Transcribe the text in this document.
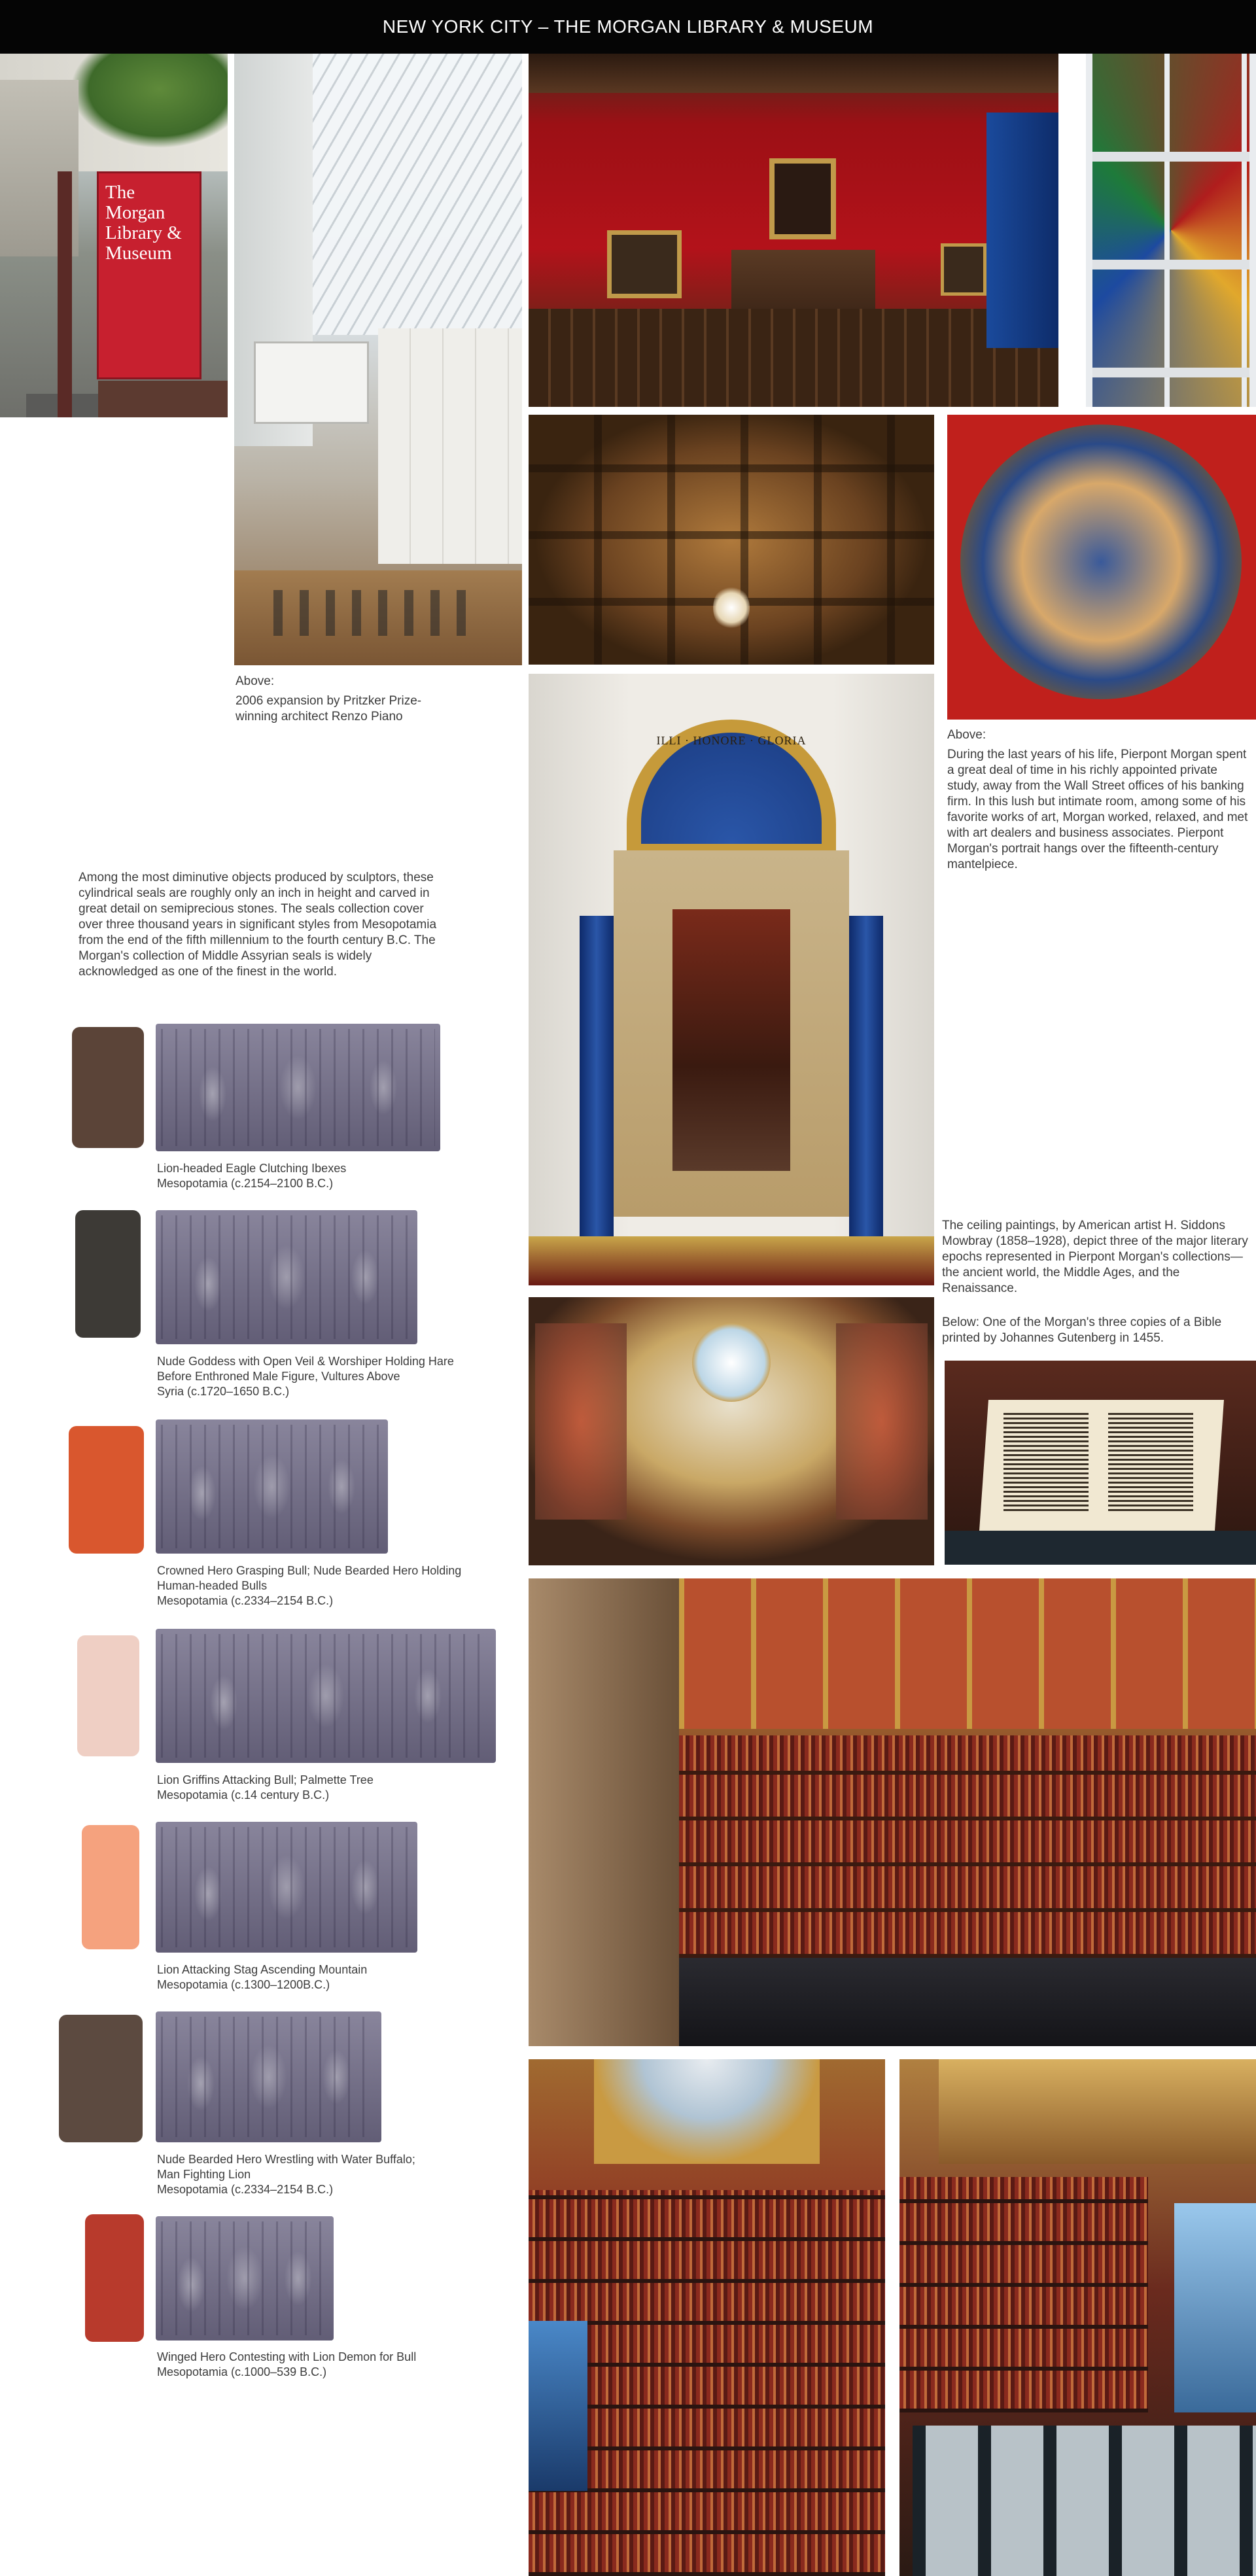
NEW YORK CITY – THE MORGAN LIBRARY & MUSEUM
The
Morgan
Library &
Museum

Above:

2006 expansion by Pritzker Prize-winning architect Renzo Piano

ILLI · HONORE · GLORIA	Above:

During the last years of his life, Pierpont Morgan spent a great deal of time in his richly appointed private study, away from the Wall Street offices of his banking firm. In this lush but intimate room, among some of his favorite works of art, Morgan worked, relaxed, and met with art dealers and business associates. Pierpont Morgan's portrait hangs over the fifteenth-century mantelpiece.

Among the most diminutive objects produced by sculptors, these cylindrical seals are roughly only an inch in height and carved in great detail on semiprecious stones. The seals collection cover over three thousand years in significant styles from Mesopotamia from the end of the fifth millennium to the fourth century B.C. The Morgan's collection of Middle Assyrian seals is widely acknowledged as one of the finest in the world.

The ceiling paintings, by American artist H. Siddons Mowbray (1858–1928), depict three of the major literary epochs represented in Pierpont Morgan's collections—the ancient world, the Middle Ages, and the Renaissance.

Below: One of the Morgan's three copies of a Bible printed by Johannes Gutenberg in 1455.

Lion-headed Eagle Clutching Ibexes
Mesopotamia (c.2154–2100 B.C.)
Nude Goddess with Open Veil & Worshiper Holding Hare
Before Enthroned Male Figure, Vultures Above
Syria (c.1720–1650 B.C.)
Crowned Hero Grasping Bull; Nude Bearded Hero Holding
Human-headed Bulls
Mesopotamia (c.2334–2154 B.C.)
Lion Griffins Attacking Bull; Palmette Tree
Mesopotamia (c.14 century B.C.)
Lion Attacking Stag Ascending Mountain
Mesopotamia (c.1300–1200B.C.)
Nude Bearded Hero Wrestling with Water Buffalo;
Man Fighting Lion
Mesopotamia (c.2334–2154 B.C.)
Winged Hero Contesting with Lion Demon for Bull
Mesopotamia (c.1000–539 B.C.)
